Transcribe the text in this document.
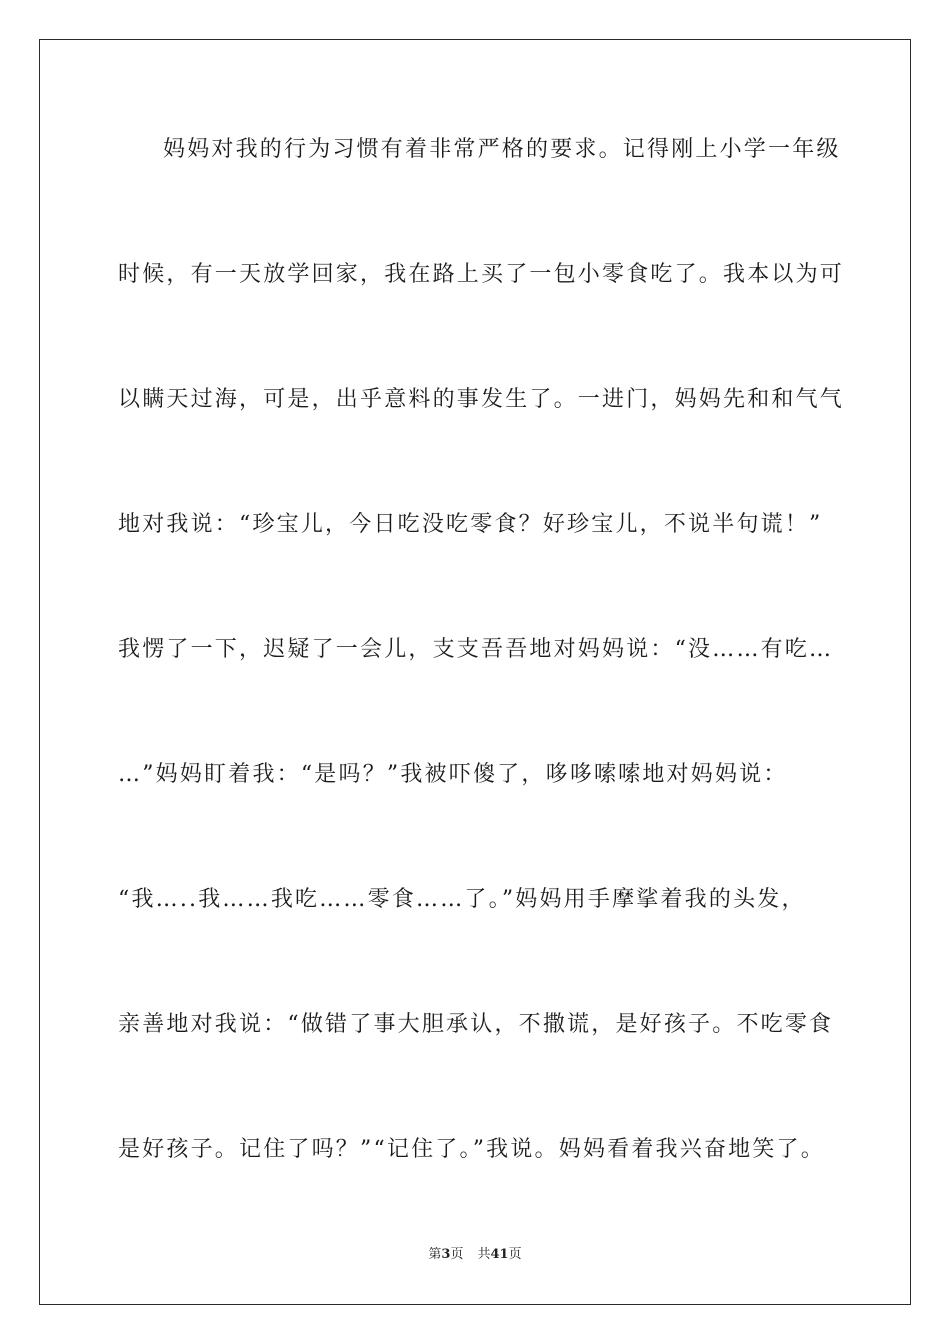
妈妈对我的行为习惯有着非常严格的要求。记得刚上小学一年级
时候，有一天放学回家，我在路上买了一包小零食吃了。我本以为可
以瞒天过海，可是，出乎意料的事发生了。一进门，妈妈先和和气气
地对我说：“珍宝儿，今日吃没吃零食？好珍宝儿，不说半句谎！”
我愣了一下，迟疑了一会儿，支支吾吾地对妈妈说：“没……有吃…
…”妈妈盯着我：“是吗？”我被吓傻了，哆哆嗦嗦地对妈妈说：
“我…..我……我吃……零食……了。”妈妈用手摩挲着我的头发，
亲善地对我说：“做错了事大胆承认，不撒谎，是好孩子。不吃零食
是好孩子。记住了吗？”“记住了。”我说。妈妈看着我兴奋地笑了。
第3页 共41页
